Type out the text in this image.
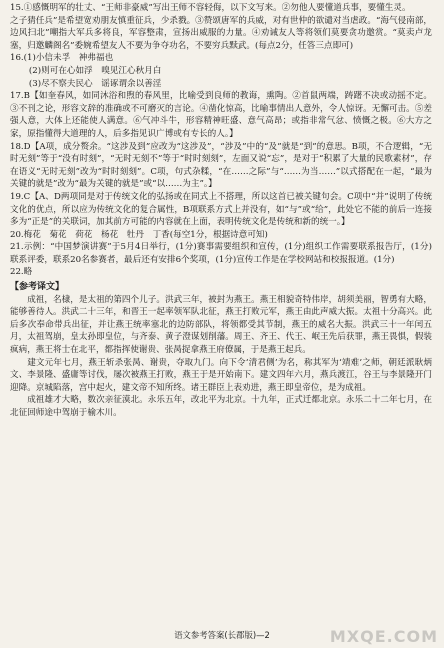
15.①感慨明军的壮丈、“王师非豪威”写出王师不容轻侮，以下文写来。②勿他人要懂道兵事，要懂生灵。

之子猜任兵”是希望宽劝朋友慎重征兵，少杀戮。③赞颂唐军的兵威，对有世仲的欲谴对当虐政。“海气侵南部，边风扫北”嘲指大军兵多将良，军容整肃，宣扬出威服的力量。④劝诫友人等将领们莫要贪功邀赏。“莫卖卢龙塞，归邀麟阁名”委婉希望友人不要为争夺功名，不要穷兵黩武。(每点2分，任答三点即可)

16.(1)小信未孚　神弗福也

(2)则可在心如浮　嗅见江心秋月白

(3)尽不察夫民心　谣诼谓余以善淫

17.B【如奎春风，如同沐浴和煦的春风里，比喻受到良师的教诲，熏陶。②首鼠两端，踌躇不决或动摇不定。③不刊之论，形容文辞的准确或不可磨灭的言论。④凿化惊高，比喻事情出人意外，令人惊讶。无懈可击。⑤差强人意，大体上还能使人满意。⑥气冲斗牛，形容精神旺盛、意气高昂；或指非常气忿、愤慨之极。⑥大方之家，原指懂得大道理的人，后多指见识广博或有专长的人。】

18.D【A项，成分赘余。“这涉及到”应改为“这涉及”，“涉及”中的“及”就是“到”的意思。B项，不合逻辑，“无时无刻”等于“没有时刻”，“无时无刻不”等于“时时刻刻”，左面又说“忘”，是对于“积累了大量的民歌素材”，存在语义“无时无刻”改为“时时刻刻”。C项，句式杂糅，“在……之际”与“……为当……”以式搭配在一起，“最为关键的就是”改为“最为关键的就是”或“以……为主”。】

19.C【A、D两项同是对于传统文化的弘扬或在同式上不搭理，所以这首已被关键句会。C项中“并”说明了传统文化的优点，所以应为传统文化的复合属性，B项联系方式上并没有，如“与”或“给”，此处它不能的前后一连接多为“正是”的关联词，加其前方可能的内容就在上面，表明传统文化是传统和新的统一。】

20.梅花　菊花　荷花　杨花　牡丹　丁香(每空1分，根据诗意可知)

21.示例：“中国梦演讲赛”于5月4日举行，(1分)赛事需要组织和宣传，(1分)组织工作需要联系报告厅，(1分)联系评委，联系20名参赛者，最后还有安排6个奖项，(1分)宣传工作是在学校网站和校报报道。(1分)

22.略

【参考译文】

成祖，名棣，是太祖的第四个儿子。洪武三年，被封为燕王。燕王相貌奇特伟岸，胡须美丽，智勇有大略，能够善待人。洪武二十三年，和晋王一起率领军队北征，燕王打败元军，燕王由此声威大振。太祖十分高兴。此后多次奉命带兵出征，并让燕王统率塞北的边防部队，将领都受其节制，燕王的威名大振。洪武三十一年闰五月，太祖驾崩，皇太孙即皇位，与齐泰、黄子澄谋划削藩。周王、齐王、代王、岷王先后获罪，燕王畏惧，假装疯病，燕王将士在北平，都指挥使谢贵、张昺捉拿燕王府僚属，于是燕王起兵。

建文元年七月，燕王斩杀张昺、谢贵，夺取九门。向下令‘清君侧’为名，称其军为‘靖难’之师，朝廷派耿炳文、李景隆、盛庸等讨伐，屡次被燕王打败，燕王于是开始南下。建文四年六月，燕兵渡江，谷王与李景隆开门迎降。京城陷落，宫中起火，建文帝不知所终。诸王群臣上表劝进，燕王即皇帝位，是为成祖。

成祖雄才大略，数次亲征漠北。永乐五年，改北平为北京。十九年，正式迁都北京。永乐二十二年七月，在北征回师途中驾崩于榆木川。

语文参考答案(长郡版)—2	MXQE.COM
